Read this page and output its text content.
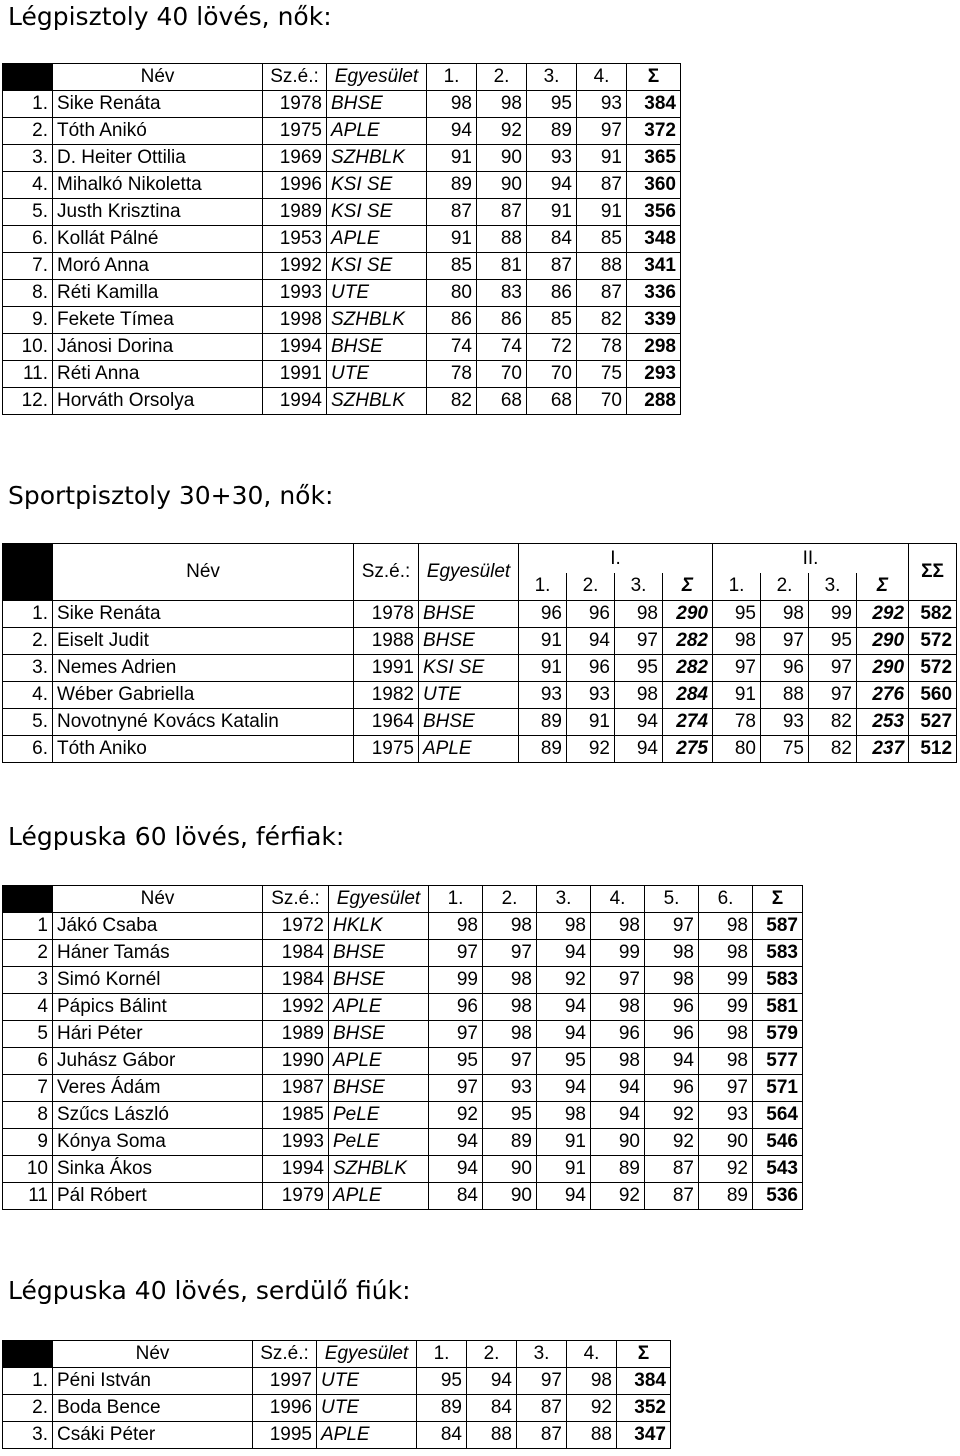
Légpisztoly 40 lövés, nők:
	Név	Sz.é.:	Egyesület	1.	2.	3.	4.	Σ
1.	Sike Renáta	1978	BHSE	98	98	95	93	384
2.	Tóth Anikó	1975	APLE	94	92	89	97	372
3.	D. Heiter Ottilia	1969	SZHBLK	91	90	93	91	365
4.	Mihalkó Nikoletta	1996	KSI SE	89	90	94	87	360
5.	Justh Krisztina	1989	KSI SE	87	87	91	91	356
6.	Kollát Pálné	1953	APLE	91	88	84	85	348
7.	Moró Anna	1992	KSI SE	85	81	87	88	341
8.	Réti Kamilla	1993	UTE	80	83	86	87	336
9.	Fekete Tímea	1998	SZHBLK	86	86	85	82	339
10.	Jánosi Dorina	1994	BHSE	74	74	72	78	298
11.	Réti Anna	1991	UTE	78	70	70	75	293
12.	Horváth Orsolya	1994	SZHBLK	82	68	68	70	288
Sportpisztoly 30+30, nők:
	Név	Sz.é.:	Egyesület	I.				II.				ΣΣ
				1.	2.	3.	Σ	1.	2.	3.	Σ	
1.	Sike Renáta	1978	BHSE	96	96	98	290	95	98	99	292	582
2.	Eiselt Judit	1988	BHSE	91	94	97	282	98	97	95	290	572
3.	Nemes Adrien	1991	KSI SE	91	96	95	282	97	96	97	290	572
4.	Wéber Gabriella	1982	UTE	93	93	98	284	91	88	97	276	560
5.	Novotnyné Kovács Katalin	1964	BHSE	89	91	94	274	78	93	82	253	527
6.	Tóth Aniko	1975	APLE	89	92	94	275	80	75	82	237	512
Légpuska 60 lövés, férfiak:
	Név	Sz.é.:	Egyesület	1.	2.	3.	4.	5.	6.	Σ
1	Jákó Csaba	1972	HKLK	98	98	98	98	97	98	587
2	Háner Tamás	1984	BHSE	97	97	94	99	98	98	583
3	Simó Kornél	1984	BHSE	99	98	92	97	98	99	583
4	Pápics Bálint	1992	APLE	96	98	94	98	96	99	581
5	Hári Péter	1989	BHSE	97	98	94	96	96	98	579
6	Juhász Gábor	1990	APLE	95	97	95	98	94	98	577
7	Veres Ádám	1987	BHSE	97	93	94	94	96	97	571
8	Szűcs László	1985	PeLE	92	95	98	94	92	93	564
9	Kónya Soma	1993	PeLE	94	89	91	90	92	90	546
10	Sinka Ákos	1994	SZHBLK	94	90	91	89	87	92	543
11	Pál Róbert	1979	APLE	84	90	94	92	87	89	536
Légpuska 40 lövés, serdülő fiúk:
	Név	Sz.é.:	Egyesület	1.	2.	3.	4.	Σ
1.	Péni István	1997	UTE	95	94	97	98	384
2.	Boda Bence	1996	UTE	89	84	87	92	352
3.	Csáki Péter	1995	APLE	84	88	87	88	347
